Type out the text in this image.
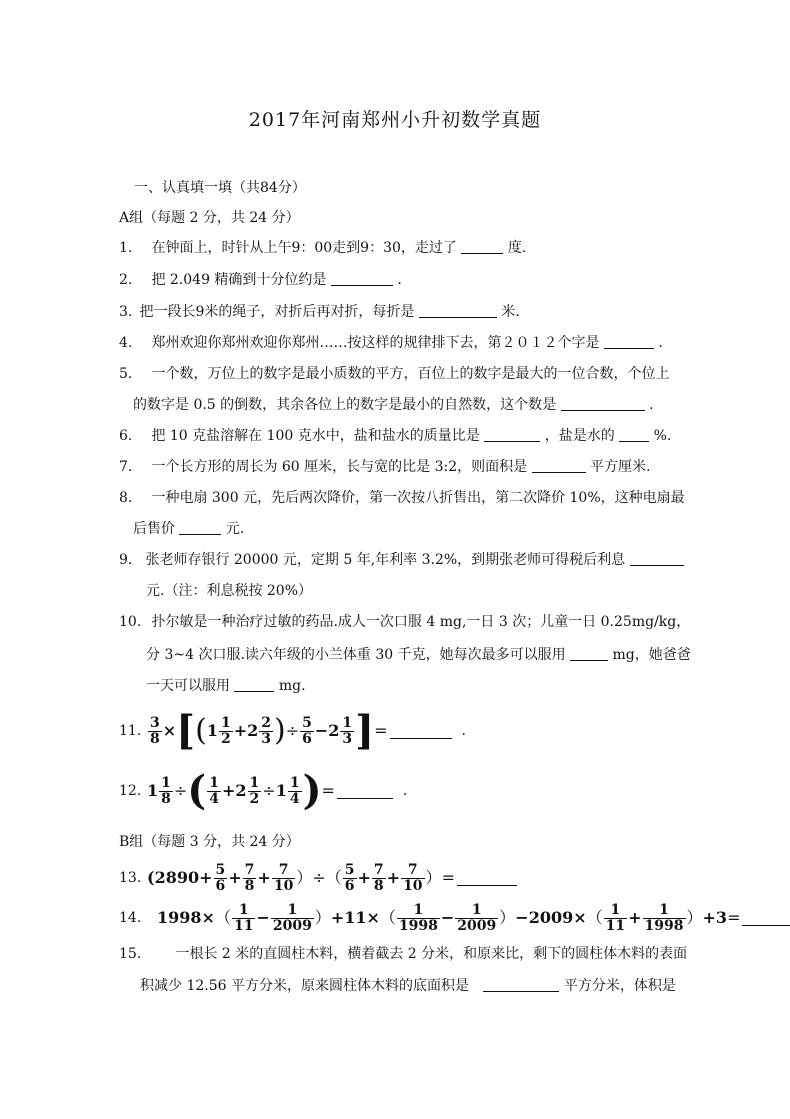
2017年河南郑州小升初数学真题
一、认真填一填（共84分）
A组（每题 2 分，共 24 分）
1. 在钟面上，时针从上午9：00走到9：30，走过了	度.
2. 把 2.049 精确到十分位约是	.
3. 把一段长9米的绳子，对折后再对折，每折是	米.
4. 郑州欢迎你郑州欢迎你郑州……按这样的规律排下去，第２０１２个字是	.
5. 一个数，万位上的数字是最小质数的平方，百位上的数字是最大的一位合数，个位上
的数字是 0.5 的倒数，其余各位上的数字是最小的自然数，这个数是	.
6. 把 10 克盐溶解在 100 克水中，盐和盐水的质量比是	，盐是水的	%.
7. 一个长方形的周长为 60 厘米，长与宽的比是 3:2，则面积是	平方厘米.
8. 一种电扇 300 元，先后两次降价，第一次按八折售出，第二次降价 10%，这种电扇最
后售价	元.
9． 张老师存银行 20000 元，定期 5 年,年利率 3.2%，到期张老师可得税后利息
元.（注：利息税按 20%）
10. 扑尔敏是一种治疗过敏的药品.成人一次口服 4 mg,一日 3 次；儿童一日 0.25mg/kg，
分 3~4 次口服.读六年级的小兰体重 30 千克，她每次最多可以服用	mg，她爸爸
一天可以服用	mg.
11. $\frac{3}{8}$ × [ ( $1 \frac{1}{2} + 2 \frac{2}{3}$ ) ÷ $\frac{5}{6} - 2 \frac{1}{3}$ ] =	.
12. $1 \frac{1}{8}$ ÷ ( $\frac{1}{4} + 2 \frac{1}{2} \div 1 \frac{1}{4}$ ) =	.
B组（每题 3 分，共 24 分）
13. ( $2890 + \frac{5}{6} + \frac{7}{8} + \frac{7}{10}$ ） ÷ （ $\frac{5}{6} + \frac{7}{8} + \frac{7}{10}$ ） =
14. 1998 × （ $\frac{1}{11} - \frac{1}{2009}$ ） + 11 × （ $\frac{1}{1998} - \frac{1}{2009}$ ） − 2009 × （ $\frac{1}{11} + \frac{1}{1998}$ ） + 3 =
15. 一根长 2 米的直圆柱木料，横着截去 2 分米，和原来比，剩下的圆柱体木料的表面
积减少 12.56 平方分米，原来圆柱体木料的底面积是	平方分米，体积是
